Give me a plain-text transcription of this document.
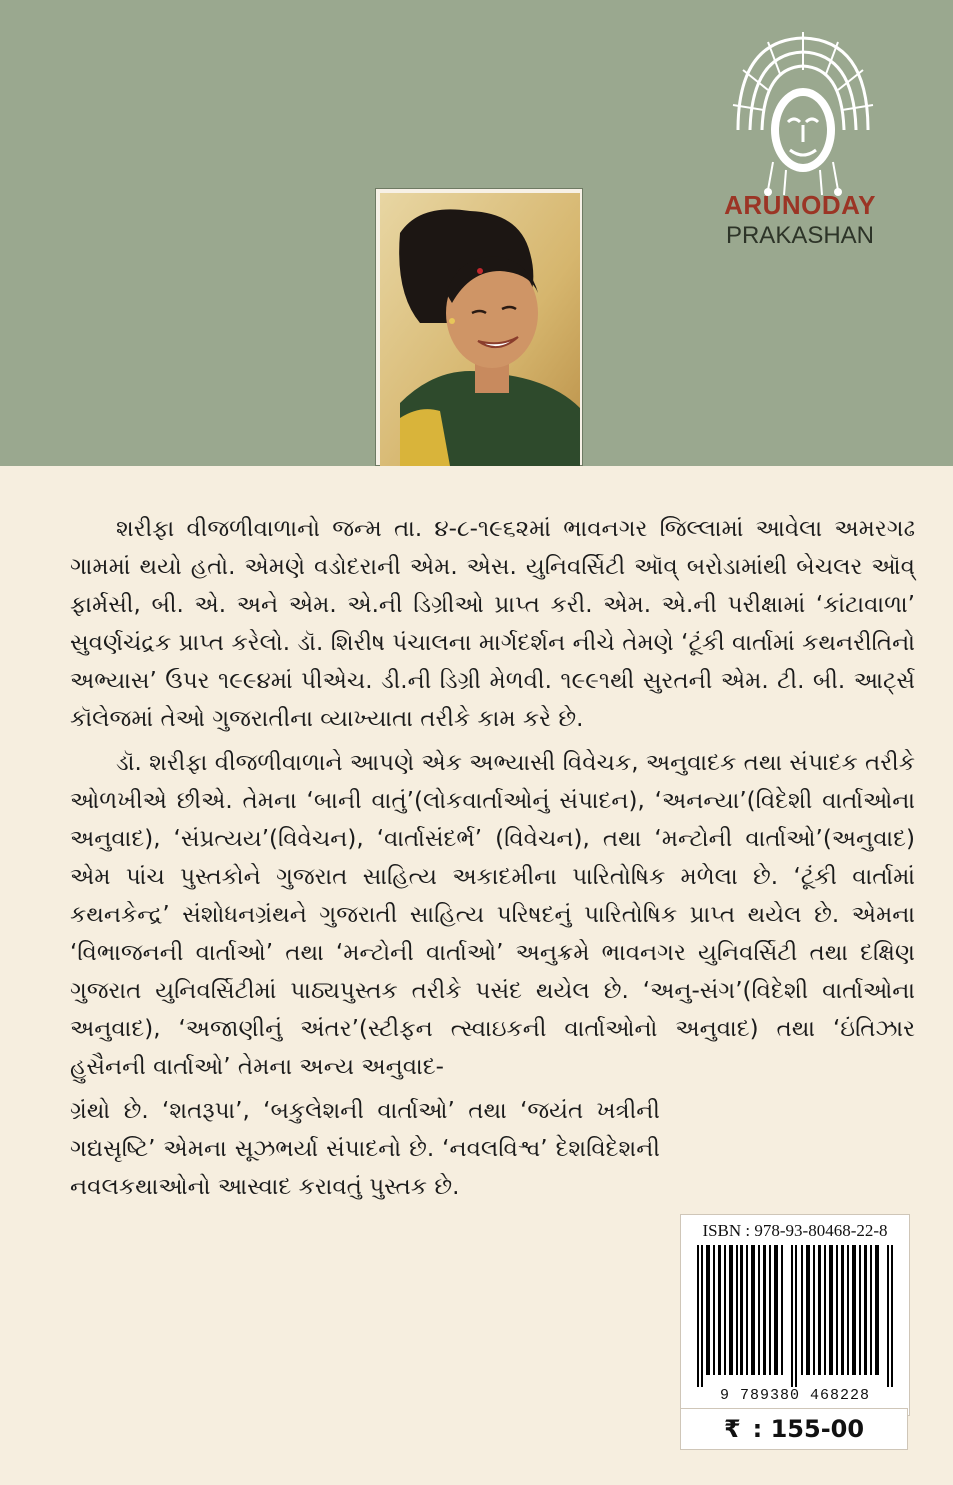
ARUNODAY
PRAKASHAN

શરીફા વીજળીવાળાનો જન્મ તા. ૪-૮-૧૯૬૨માં ભાવનગર જિલ્લામાં આવેલા અમરગઢ ગામમાં થયો હતો. એમણે વડોદરાની એમ. એસ. યુનિવર્સિટી ઑવ્ બરોડામાંથી બેચલર ઑવ્ ફાર્મસી, બી. એ. અને એમ. એ.ની ડિગ્રીઓ પ્રાપ્ત કરી. એમ. એ.ની પરીક્ષામાં ‘કાંટાવાળા’ સુવર્ણચંદ્રક પ્રાપ્ત કરેલો. ડૉ. શિરીષ પંચાલના માર્ગદર્શન નીચે તેમણે ‘ટૂંકી વાર્તામાં કથનરીતિનો અભ્યાસ’ ઉપર ૧૯૯૪માં પીએચ. ડી.ની ડિગ્રી મેળવી. ૧૯૯૧થી સુરતની એમ. ટી. બી. આર્ટ્સ કૉલેજમાં તેઓ ગુજરાતીના વ્યાખ્યાતા તરીકે કામ કરે છે.

ડૉ. શરીફા વીજળીવાળાને આપણે એક અભ્યાસી વિવેચક, અનુવાદક તથા સંપાદક તરીકે ઓળખીએ છીએ. તેમના ‘બાની વાતું’(લોકવાર્તાઓનું સંપાદન), ‘અનન્યા’(વિદેશી વાર્તાઓના અનુવાદ), ‘સંપ્રત્યય’(વિવેચન), ‘વાર્તાસંદર્ભ’ (વિવેચન), તથા ‘મન્ટોની વાર્તાઓ’(અનુવાદ) એમ પાંચ પુસ્તકોને ગુજરાત સાહિત્ય અકાદમીના પારિતોષિક મળેલા છે. ‘ટૂંકી વાર્તામાં કથનકેન્દ્ર’ સંશોધનગ્રંથને ગુજરાતી સાહિત્ય પરિષદનું પારિતોષિક પ્રાપ્ત થયેલ છે. એમના ‘વિભાજનની વાર્તાઓ’ તથા ‘મન્ટોની વાર્તાઓ’ અનુક્રમે ભાવનગર યુનિવર્સિટી તથા દક્ષિણ ગુજરાત યુનિવર્સિટીમાં પાઠ્યપુસ્તક તરીકે પસંદ થયેલ છે. ‘અનુ-સંગ’(વિદેશી વાર્તાઓના અનુવાદ), ‘અજાણીનું અંતર’(સ્ટીફન ત્સ્વાઇકની વાર્તાઓનો અનુવાદ) તથા ‘ઇંતિઝાર હુસૈનની વાર્તાઓ’ તેમના અન્ય અનુવાદ-

ગ્રંથો છે. ‘શતરૂપા’, ‘બકુલેશની વાર્તાઓ’ તથા ‘જયંત ખત્રીની ગદ્યસૃષ્ટિ’ એમના સૂઝભર્યા સંપાદનો છે. ‘નવલવિશ્વ’ દેશવિદેશની નવલકથાઓનો આસ્વાદ કરાવતું પુસ્તક છે.

ISBN : 978-93-80468-22-8
9 789380 468228
₹ : 155-00
